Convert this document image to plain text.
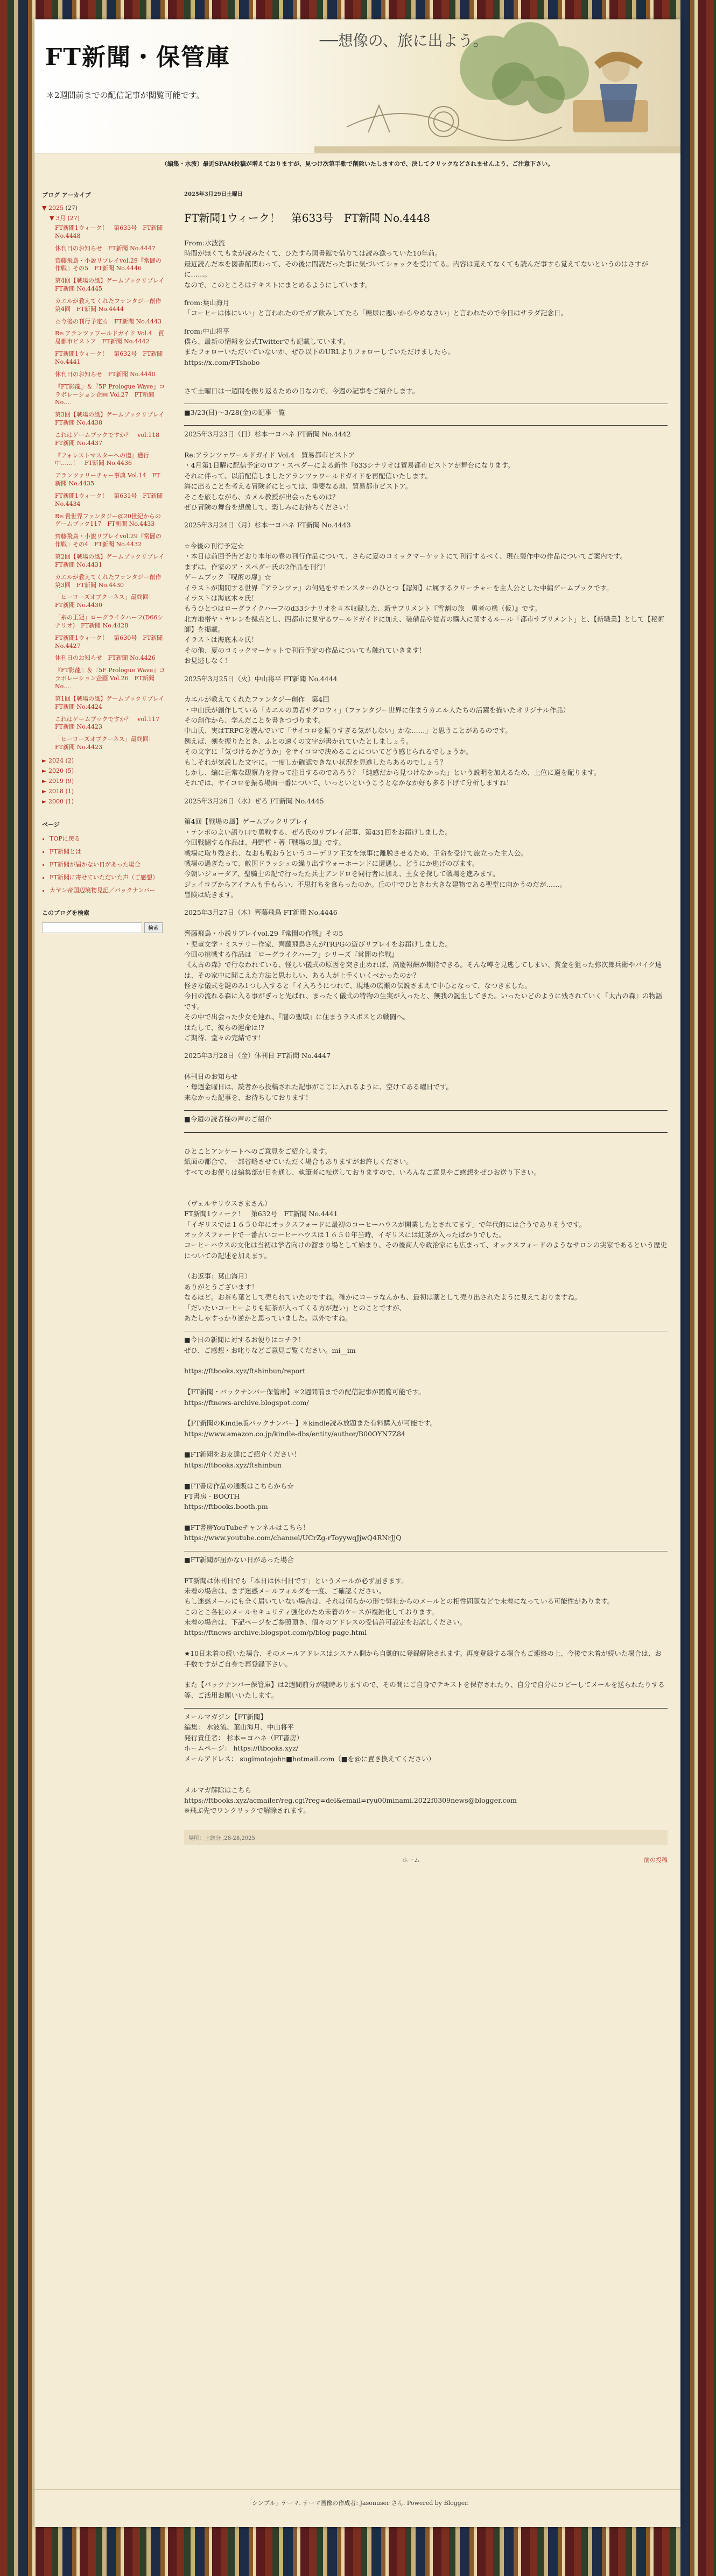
FT新聞・保管庫
──想像の、旅に出よう。
＊2週間前までの配信記事が閲覧可能です。
（編集・水波）最近SPAM投稿が増えておりますが、見つけ次第手動で削除いたしますので、決してクリックなどされませんよう、ご注意下さい。
ブログ アーカイブ
▼ 2025 (27)
▼ 3月 (27)
FT新聞1ウィーク！　第633号　FT新聞 No.4448
休刊日のお知らせ　FT新聞 No.4447
齊藤飛鳥・小説リプレイvol.29『常闇の作戦』その5　FT新聞 No.4446
第4回【戦場の風】ゲームブックリプレイ　FT新聞 No.4445
カエルが教えてくれたファンタジー創作　第4回　FT新聞 No.4444
☆今後の刊行予定☆　FT新聞 No.4443
Re:アランツァワールドガイド Vol.4　貿易都市ビストア　FT新聞 No.4442
FT新聞1ウィーク！　第632号　FT新聞 No.4441
休刊日のお知らせ　FT新聞 No.4440
『FT影龍』＆『5F Prologue Wave』コラボレーション企画 Vol.27　FT新聞 No....
第3回【戦場の風】ゲームブックリプレイ　FT新聞 No.4438
これはゲームブックですか？　vol.118　FT新聞 No.4437
『フォレストマスターへの道』遭行中……！　FT新聞 No.4436
アランツァリーチャー事典 Vol.14　FT新聞 No.4435
FT新聞1ウィーク！　第631号　FT新聞 No.4434
Re:貴世界ファンタジー@20世紀からのゲームブック117　FT新聞 No.4433
齊藤飛鳥・小説リプレイvol.29『常闇の作戦』その4　FT新聞 No.4432
第2回【戦場の風】ゲームブックリプレイ　FT新聞 No.4431
カエルが教えてくれたファンタジー創作　第3回　FT新聞 No.4430
「ヒーローズオブクーネス」最終回！　FT新聞 No.4430
「糸の王冠」ローグライクハーフ(D66シナリオ)　FT新聞 No.4428
FT新聞1ウィーク！　第630号　FT新聞 No.4427
休刊日のお知らせ　FT新聞 No.4426
『FT影龍』＆『5F Prologue Wave』コラボレーション企画 Vol.26　FT新聞 No....
第1回【戦場の風】ゲームブックリプレイ　FT新聞 No.4424
これはゲームブックですか？　vol.117　FT新聞 No.4423
「ヒーローズオブクーネス」最終回！　FT新聞 No.4423
► 2024 (2)
► 2020 (5)
► 2019 (9)
► 2018 (1)
► 2000 (1)
ページ
• TOPに戻る
• FT新聞とは
• FT新聞が届かない日があった場合
• FT新聞に寄せていただいた声（ご感想）
• カヤン帝国辺境物見記／バックナンバー
このブログを検索
検索
2025年3月29日土曜日
FT新聞1ウィーク！　第633号　FT新聞 No.4448

From:水波流
時間が無くてもまが読みたくて、ひたすら図書館で借りては読み漁っていた10年前。
最近読んだ本を図書館関わって、その後に間読だった事に気づいてショックを受けてる。内容は覚えてなくても読んだ事すら覚えてないというのはさすがに……。
なので、このところはテキストにまとめるようにしています。

from:葉山海月
「コーヒーは体にいい」と言われたのでガブ飲みしてたら「糖尿に悪いからやめなさい」と言われたので今日はサラダ記念日。

from:中山将平
僕ら、最新の情報を公式Twitterでも記載しています。
またフォローいただいていないか、ぜひ以下のURLよりフォローしていただけましたら。
https://x.com/FTshobo

さて土曜日は一週間を振り返るための日なので、今週の記事をご紹介します。

■3/23(日)～3/28(金)の記事一覧

2025年3月23日（日）杉本一ヨハネ FT新聞 No.4442

Re:アランツァワールドガイド Vol.4　貿易都市ビストア
・4月第1日曜に配信予定のロア・スペダーによる新作『633シナリオは貿易都市ビストアが舞台になります。
それに伴って、以前配信しましたアランツァワールドガイドを再配信いたします。
海に出ることを考える冒険者にとっては、重要なる地、貿易都市ビストア。
そこを旅しながら、カメル教授が出会ったものは？
ぜひ冒険の舞台を想像して、楽しみにお待ちください！

2025年3月24日（月）杉本一ヨハネ FT新聞 No.4443

☆今後の刊行予定☆
・本日は前回予告どおり本年の春の刊行作品について、さらに夏のコミックマーケットにて刊行するべく、現在製作中の作品についてご案内です。
まずは、作家のア・スペダー氏の2作品を刊行！
ゲームブック『呪術の扉』☆
イラストが期間する世界『アランツァ』の何処をサモンスターのひとつ【認知】に属するクリーチャーを主人公とした中編ゲームブックです。
イラストは海底木々氏！
もうひとつはローグライクハーフのd33シナリオを４本収録した、新サプリメント『雪割の旅　勇者の檻（仮）』です。
北方地帯ヤ・ヤレンを拠点とし、四都市に見守るワールドガイドに加え、装備品や従者の購入に関するルール「都市サプリメント」と、【新職業】として【秘術師】を掲載。
イラストは海底木々氏！
その他、夏のコミックマーケットで刊行予定の作品についても触れていきます！
お見逃しなく！

2025年3月25日（火）中山将平 FT新聞 No.4444

カエルが教えてくれたファンタジー創作　第4回
・中山氏が創作している「カエルの勇者サグロウィ」（ファンタジー世界に住まうカエル人たちの活躍を描いたオリジナル作品）
その創作から、学んだことを書きつづります。
中山氏、実はTRPGを遊んでいて「サイコロを振りすぎる気がしない」かな……」と思うことがあるのです。
例えば、剣を振りたとき、ふとの速くの文字が書かれていたとしましょう。
その文字に「気づけるかどうか」をサイコロで決めることについてどう感じられるでしょうか。
もしそれが気説した文字に。一度しか確認できない状況を見逃したらあるのでしょう？
しかし、編に正常な観察力を持って注目するのであろう？「純感だから見つけなかった」という説明を加えるため、上位に適を配ります。
それでは、サイコロを振る場面一番について、いっといというこうとなかなか好も多る下げて分析しますね！

2025年3月26日（水）ぜろ FT新聞 No.4445

第4回【戦場の風】ゲームブックリプレイ
・テンポのよい語り口で勇戦する、ぜろ氏のリプレイ記事、第431回をお届けしました。
今回戦闘する作品は、丹野哲・著『戦場の風』です。
戦場に取り残され、なおも戦おうというコーデリア王女を無事に離脱させるため、王命を受けて旅立った主人公。
戦場の過ぎたって、敵国ドラッシュの繰り出すウォーホーンドに遭遇し、どうにか逃げのびます。
今朝いジョーダア、聖騎士の記で行ったた兵士アンドロを同行者に加え、王女を探して戦場を進みます。
ジェイコブからアイテムも手もらい、不思打ちを食らったのか。丘の中でひときわ大きな建物である聖堂に向かうのだが……。
冒険は続きます。

2025年3月27日（木）齊藤飛鳥 FT新聞 No.4446

齊藤飛鳥・小説リプレイvol.29『常闇の作戦』その5
・児童文学・ミステリー作家、齊藤飛鳥さんがTRPGの遊びリプレイをお届けしました。
今回の挑戦する作品は「ローグライクハーフ」シリーズ『常闇の作戦』
《太古の森》で行なわれている、怪しい儀式の原因を突き止めれば、高慶報酬が期待できる。そんな噂を見逃してしまい、賞金を狙った弥次郎兵衛やバイク達は、その家中に聞こえた方法と思わしい、ある人が上手くいくべかったのか？
怪きな儀式を鍵のみ1つし入すると「イ入ろうにつれて、現地の広瀬の伝説さまえて中心となって、なつきました。
今日の流れる森に入る事がぎっと先ばれ、まったく儀式の特物の生実が入ったと、無我の誕生してきた。いったいどのように残されていく『太古の森』の物語です。
その中で出会った少女を連れ、『闇の聖域』に住まうラスボスとの戦闘へ。
はたして、彼らの運命は!?
ご期待、堂々の完結です！

2025年3月28日（金）休刊日 FT新聞 No.4447

休刊日のお知らせ
・毎週金曜日は、読者から投稿された記事がここに入れるように、空けてある曜日です。
来なかった記事を、お待ちしております！

■今週の読者様の声のご紹介

ひとことアンケートへのご意見をご紹介します。
紙面の都合で、一部省略させていただく場合もありますがお許しください。
すべてのお便りは編集部が目を通し、執筆者に転送しておりますので、いろんなご意見やご感想をぜひお送り下さい。

（ヴェルサリウスさまさん）
FT新聞1ウィーク！　第632号　FT新聞 No.4441
「イギリスでは１６５０年にオックスフォードに最初のコーヒーハウスが開業したとされてます」で年代的には合うでありそうです。
オックスフォードで一番古いコーヒーハウスは１６５０年当時、イギリスには紅茶が入ったばかりでした。
コーヒーハウスの文化は当初は学者向けの溜まり場として始まり、その後商人や政治家にも広まって、オックスフォードのようなサロンの実家であるという歴史についての記述を加えます。

（お返事：葉山海月）
ありがとうございます！
なるほど。お茶も葉として売られていたのですね。確かにコーラなんかも、最初は薬として売り出されたように見えておりますね。
「だいたいコーヒーよりも紅茶が入ってくる方が遅い」とのことですが、
あたしゃすっかり逆かと思っていました。以外ですね。

■今日の新聞に対するお便りはコチラ！
ぜひ、ご感想・お叱りなどご意見ご覧ください。mi__im

https://ftbooks.xyz/ftshinbun/report

【FT新聞・バックナンバー保管庫】＊2週間前までの配信記事が閲覧可能です。
https://ftnews-archive.blogspot.com/

【FT新聞のKindle版バックナンバー】＊kindle読み放題また有料購入が可能です。
https://www.amazon.co.jp/kindle-dbs/entity/author/B00OYN7Z84

■FT新聞をお友達にご紹介ください！
https://ftbooks.xyz/ftshinbun

■FT書房作品の通販はこちらから☆
FT書房 - BOOTH
https://ftbooks.booth.pm

■FT書房YouTubeチャンネルはこちら！
https://www.youtube.com/channel/UCrZg-rToyywqJjwQ4RNrJjQ

■FT新聞が届かない日があった場合

FT新聞は休刊日でも「本日は休刊日です」というメールが必ず届きます。
未着の場合は、まず迷惑メールフォルダを一度、ご確認ください。
もし迷惑メールにも全く届いていない場合は、それは何らかの形で弊社からのメールとの相性問題などで未着になっている可能性があります。
このとこ各社のメールセキュリティ強化のため未着のケースが複雑化しております。
未着の場合は、下記ページをご参照頂き、個々のアドレスの受信許可設定をお試しください。
https://ftnews-archive.blogspot.com/p/blog-page.html

★10日未着の続いた場合、そのメールアドレスはシステム側から自動的に登録解除されます。再度登録する場合もご連絡の上、今後で未着が続いた場合は、お手数ですがご自身で再登録下さい。

また【バックナンバー保管庫】は2週間前分が随時ありますので、その間にご自身でテキストを保存されたり、自分で自分にコピーしてメールを送られたりする等、ご活用お願いいたします。

メールマガジン【FT新聞】
編集： 水波流、葉山海月、中山将平
発行責任者： 杉本＝ヨハネ（FT書房）
ホームページ： https://ftbooks.xyz/
メールアドレス： sugimotojohn■hotmail.com（■を@に置き換えてください）

メルマガ解除はこちら
https://ftbooks.xyz/acmailer/reg.cgi?reg=del&email=ryu00minami.2022f0309news@blogger.com
※飛ぶ先でワンクリックで解除されます。

場所：上総分 ,28-28,2025
ホーム	前の投稿
「シンプル」テーマ. テーマ画像の作成者: Jasonuser さん. Powered by Blogger.
